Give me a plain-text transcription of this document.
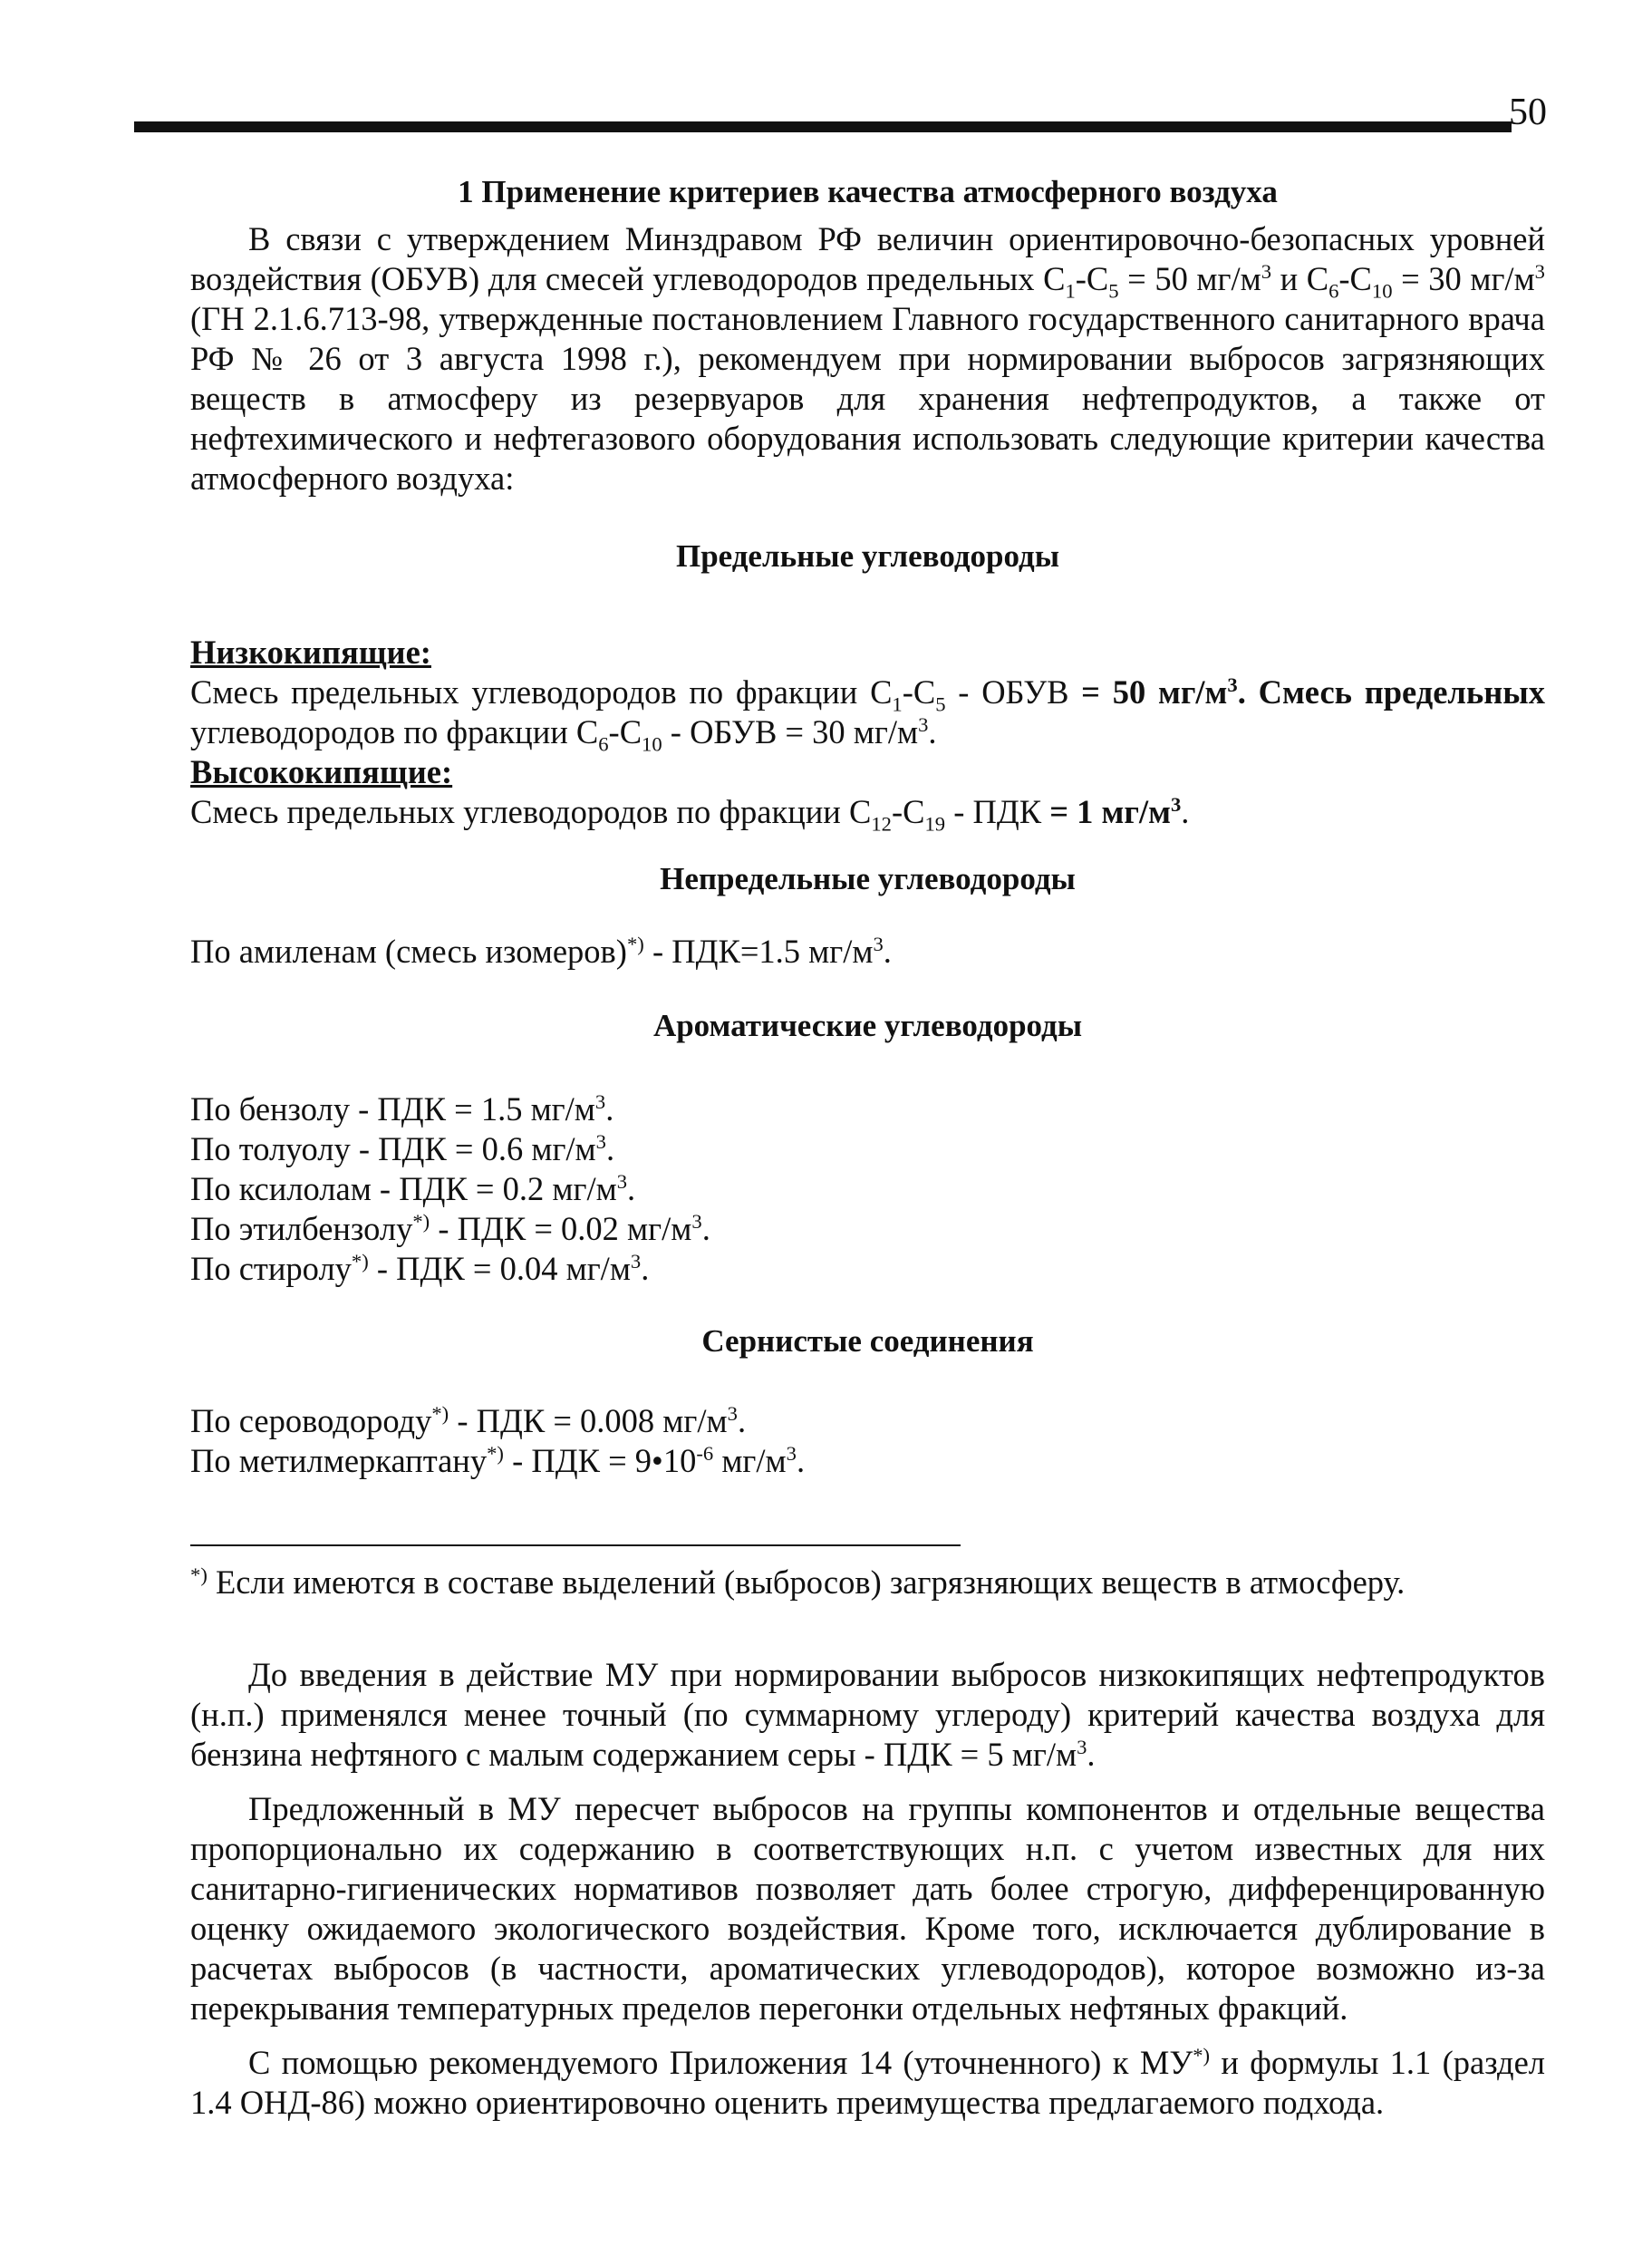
50

1 Применение критериев качества атмосферного воздуха

В связи с утверждением Минздравом РФ величин ориентировочно-безопасных уровней воздействия (ОБУВ) для смесей углеводородов предельных $С_1-С_5 = 50$ $мг/м^3$ и $С_6-С_{10} = 30$ $мг/м^3$ (ГН 2.1.6.713-98, утвержденные постановлением Главного государственного санитарного врача РФ № 26 от 3 августа 1998 г.), рекомендуем при нормировании выбросов загрязняющих веществ в атмосферу из резервуаров для хранения нефтепродуктов, а также от нефтехимического и нефтегазового оборудования использовать следующие критерии качества атмосферного воздуха:

Предельные углеводороды

Низкокипящие:

Смесь предельных углеводородов по фракции $С_1-С_5$ - ОБУВ = 50 $мг/м^3$. Смесь предельных углеводородов по фракции $С_6-С_{10}$ - ОБУВ = 30 $мг/м^3$.

Высококипящие:

Смесь предельных углеводородов по фракции $С_{12}-С_{19}$ - ПДК = 1 $мг/м^3$.

Непредельные углеводороды

По амиленам (смесь изомеров)*) - ПДК=1.5 $мг/м^3$.

Ароматические углеводороды

По бензолу - ПДК = 1.5 $мг/м^3$.

По толуолу - ПДК = 0.6 $мг/м^3$.

По ксилолам - ПДК = 0.2 $мг/м^3$.

По этилбензолу*) - ПДК = 0.02 $мг/м^3$.

По стиролу*) - ПДК = 0.04 $мг/м^3$.

Сернистые соединения

По сероводороду*) - ПДК = 0.008 $мг/м^3$.

По метилмеркаптану*) - ПДК = $9•10^{-6}$ $мг/м^3$.

*) Если имеются в составе выделений (выбросов) загрязняющих веществ в атмосферу.

До введения в действие МУ при нормировании выбросов низкокипящих нефтепродуктов (н.п.) применялся менее точный (по суммарному углероду) критерий качества воздуха для бензина нефтяного с малым содержанием серы - ПДК = 5 $мг/м^3$.

Предложенный в МУ пересчет выбросов на группы компонентов и отдельные вещества пропорционально их содержанию в соответствующих н.п. с учетом известных для них санитарно-гигиенических нормативов позволяет дать более строгую, дифференцированную оценку ожидаемого экологического воздействия. Кроме того, исключается дублирование в расчетах выбросов (в частности, ароматических углеводородов), которое возможно из-за перекрывания температурных пределов перегонки отдельных нефтяных фракций.

С помощью рекомендуемого Приложения 14 (уточненного) к МУ*) и формулы 1.1 (раздел 1.4 ОНД-86) можно ориентировочно оценить преимущества предлагаемого подхода.
